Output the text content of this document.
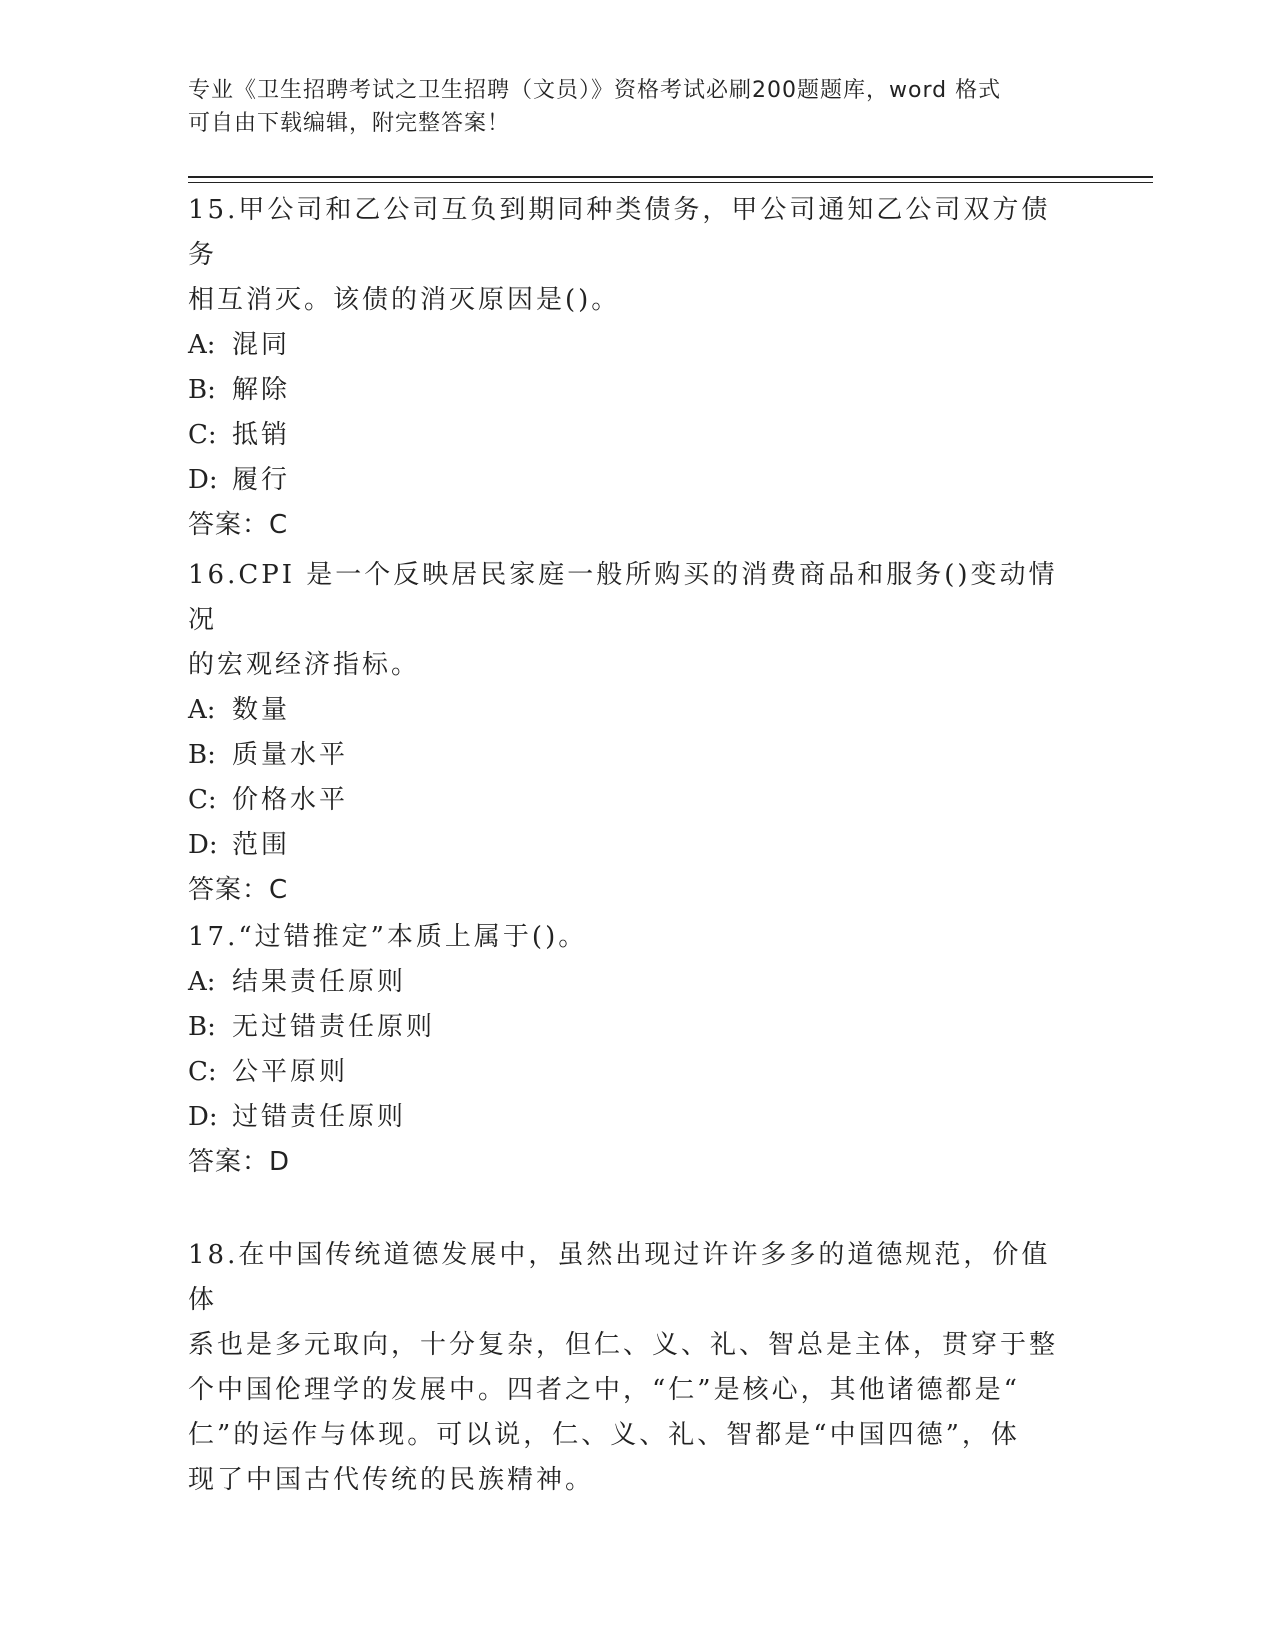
专业《卫生招聘考试之卫生招聘（文员）》资格考试必刷200题题库，word 格式
可自由下载编辑，附完整答案！
15.甲公司和乙公司互负到期同种类债务，甲公司通知乙公司双方债务
相互消灭。该债的消灭原因是()。
A: 混同
B: 解除
C: 抵销
D: 履行
答案：C
16.CPI 是一个反映居民家庭一般所购买的消费商品和服务()变动情况
的宏观经济指标。
A: 数量
B: 质量水平
C: 价格水平
D: 范围
答案：C
17.“过错推定”本质上属于()。
A: 结果责任原则
B: 无过错责任原则
C: 公平原则
D: 过错责任原则
答案：D
18.在中国传统道德发展中，虽然出现过许许多多的道德规范，价值体
系也是多元取向，十分复杂，但仁、义、礼、智总是主体，贯穿于整
个中国伦理学的发展中。四者之中，“仁”是核心，其他诸德都是“
仁”的运作与体现。可以说，仁、义、礼、智都是“中国四德”，体
现了中国古代传统的民族精神。
